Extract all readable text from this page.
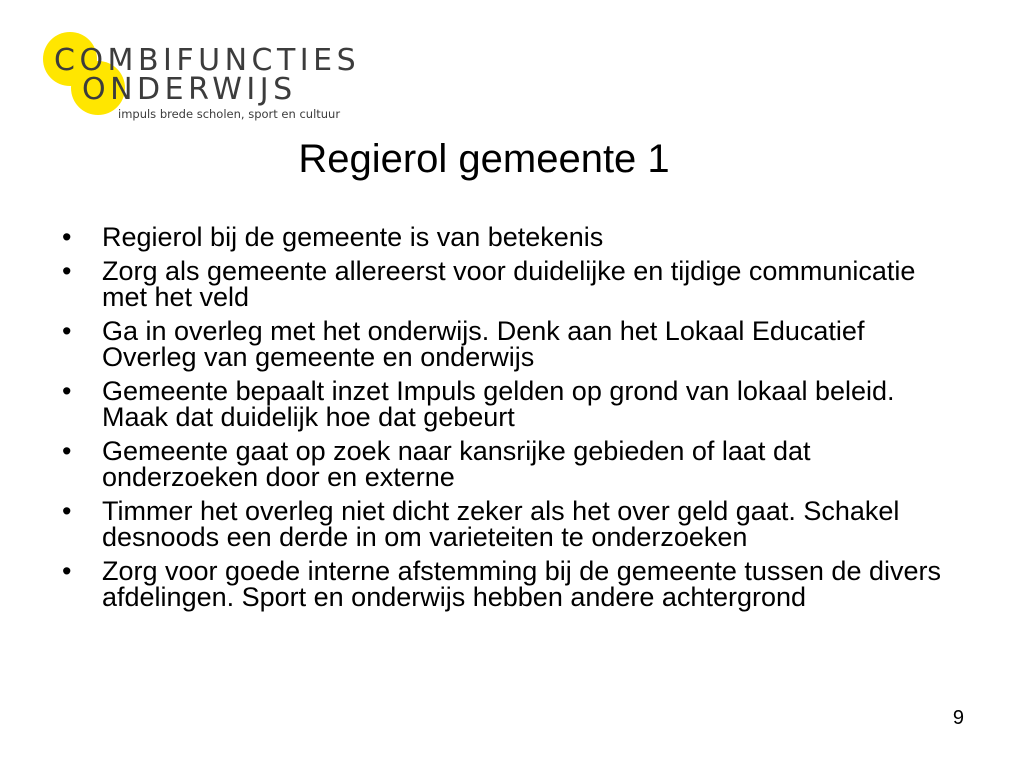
COMBIFUNCTIES
ONDERWIJS
impuls brede scholen, sport en cultuur
Regierol gemeente 1
•	Regierol bij de gemeente is van betekenis
•	Zorg als gemeente allereerst voor duidelijke en tijdige communicatie met het veld
•	Ga in overleg met het onderwijs. Denk aan het Lokaal Educatief Overleg van gemeente en onderwijs
•	Gemeente bepaalt inzet Impuls gelden op grond van lokaal beleid. Maak dat duidelijk hoe dat gebeurt
•	Gemeente gaat op zoek naar kansrijke gebieden of laat dat onderzoeken door en externe
•	Timmer het overleg niet dicht zeker als het over geld gaat. Schakel desnoods een derde in om varieteiten te onderzoeken
•	Zorg voor goede interne afstemming bij de gemeente tussen de divers afdelingen. Sport en onderwijs hebben andere achtergrond
9
